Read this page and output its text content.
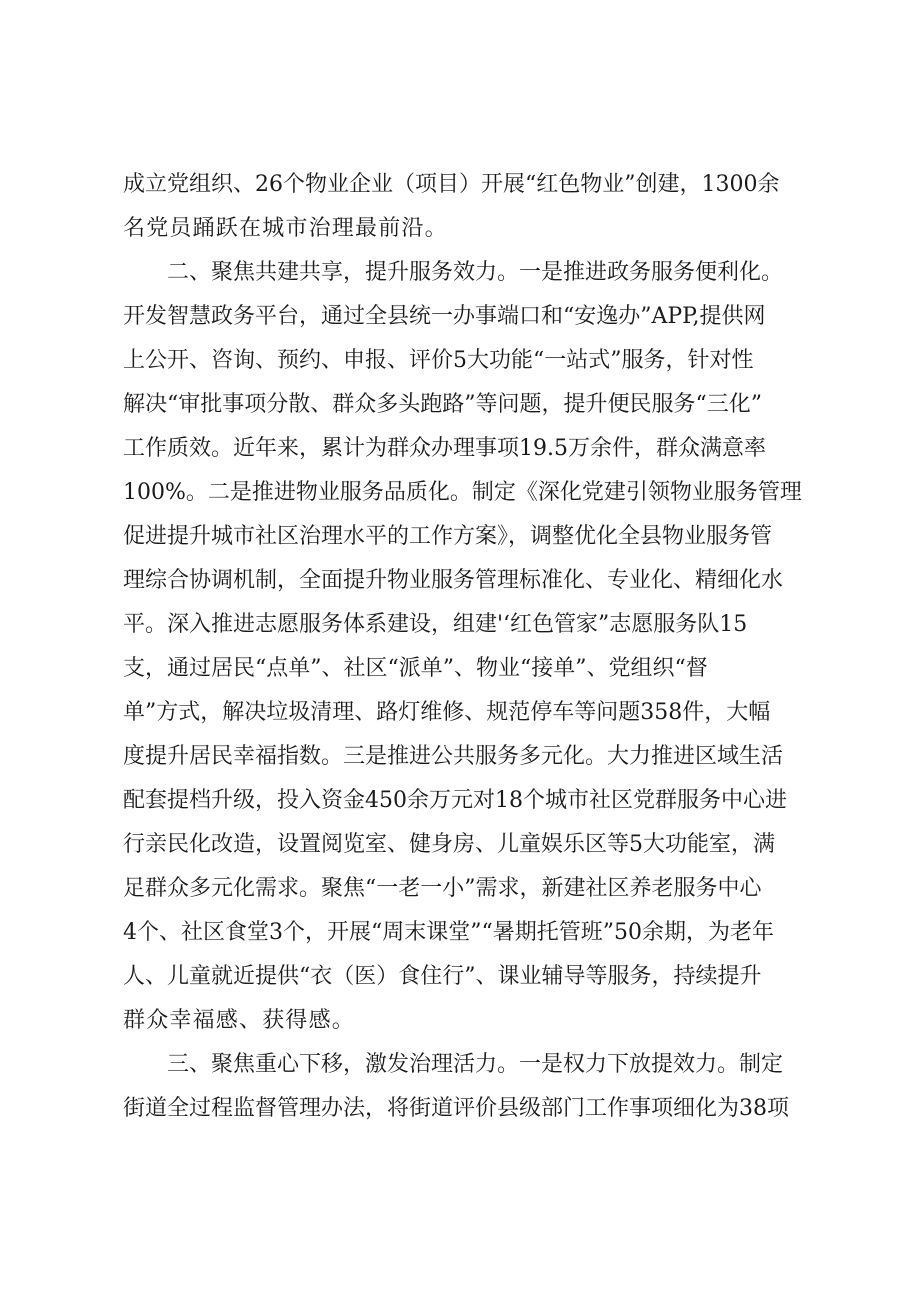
成立党组织、26个物业企业（项目）开展“红色物业”创建，1300余
名党员踊跃在城市治理最前沿。
二、聚焦共建共享，提升服务效力。一是推进政务服务便利化。
开发智慧政务平台，通过全县统一办事端口和“安逸办”APP,提供网
上公开、咨询、预约、申报、评价5大功能“一站式”服务，针对性
解决“审批事项分散、群众多头跑路”等问题，提升便民服务“三化”
工作质效。近年来，累计为群众办理事项19.5万余件，群众满意率
100%。二是推进物业服务品质化。制定《深化党建引领物业服务管理
促进提升城市社区治理水平的工作方案》，调整优化全县物业服务管
理综合协调机制，全面提升物业服务管理标准化、专业化、精细化水
平。深入推进志愿服务体系建设，组建'‘红色管家”志愿服务队15
支，通过居民“点单”、社区“派单”、物业“接单”、党组织“督
单”方式，解决垃圾清理、路灯维修、规范停车等问题358件，大幅
度提升居民幸福指数。三是推进公共服务多元化。大力推进区域生活
配套提档升级，投入资金450余万元对18个城市社区党群服务中心进
行亲民化改造，设置阅览室、健身房、儿童娱乐区等5大功能室，满
足群众多元化需求。聚焦“一老一小”需求，新建社区养老服务中心
4个、社区食堂3个，开展“周末课堂”“暑期托管班”50余期，为老年
人、儿童就近提供“衣（医）食住行”、课业辅导等服务，持续提升
群众幸福感、获得感。
三、聚焦重心下移，激发治理活力。一是权力下放提效力。制定
街道全过程监督管理办法，将街道评价县级部门工作事项细化为38项
